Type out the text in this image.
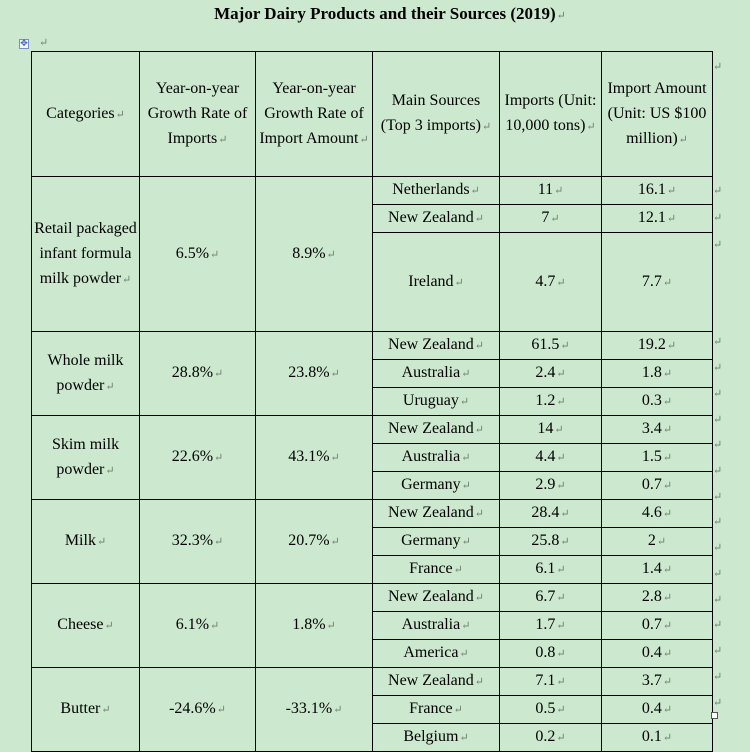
Major Dairy Products and their Sources (2019)↵
✥ ↵
Categories↵	Year-on-year Growth Rate of Imports↵	Year-on-year Growth Rate of Import Amount↵	Main Sources (Top 3 imports)↵	Imports (Unit: 10,000 tons)↵	Import Amount (Unit: US $100 million)↵
Retail packaged infant formula milk powder↵	6.5%↵	8.9%↵	Netherlands↵	11↵	16.1↵
			New Zealand↵	7↵	12.1↵
			Ireland↵	4.7↵	7.7↵
Whole milk powder↵	28.8%↵	23.8%↵	New Zealand↵	61.5↵	19.2↵
			Australia↵	2.4↵	1.8↵
			Uruguay↵	1.2↵	0.3↵
Skim milk powder↵	22.6%↵	43.1%↵	New Zealand↵	14↵	3.4↵
			Australia↵	4.4↵	1.5↵
			Germany↵	2.9↵	0.7↵
Milk↵	32.3%↵	20.7%↵	New Zealand↵	28.4↵	4.6↵
			Germany↵	25.8↵	2↵
			France↵	6.1↵	1.4↵
Cheese↵	6.1%↵	1.8%↵	New Zealand↵	6.7↵	2.8↵
			Australia↵	1.7↵	0.7↵
			America↵	0.8↵	0.4↵
Butter↵	-24.6%↵	-33.1%↵	New Zealand↵	7.1↵	3.7↵
			France↵	0.5↵	0.4↵
			Belgium↵	0.2↵	0.1↵
↵
↵
↵
↵
↵
↵
↵
↵
↵
↵
↵
↵
↵
↵
↵
↵
↵
↵
↵
